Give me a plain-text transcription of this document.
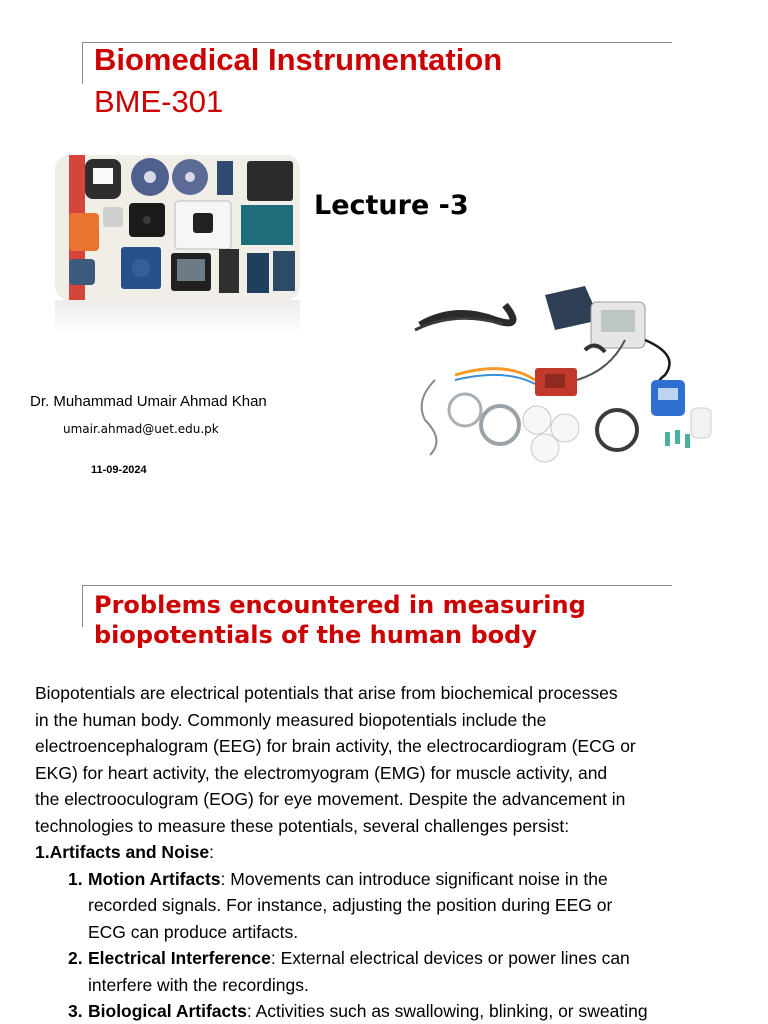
Biomedical Instrumentation
BME-301
Lecture -3
Dr. Muhammad Umair Ahmad Khan
umair.ahmad@uet.edu.pk
11-09-2024
Problems encountered in measuring
biopotentials of the human body
Biopotentials are electrical potentials that arise from biochemical processes
in the human body. Commonly measured biopotentials include the
electroencephalogram (EEG) for brain activity, the electrocardiogram (ECG or
EKG) for heart activity, the electromyogram (EMG) for muscle activity, and
the electrooculogram (EOG) for eye movement. Despite the advancement in
technologies to measure these potentials, several challenges persist:
1.Artifacts and Noise:
1. Motion Artifacts: Movements can introduce significant noise in the
recorded signals. For instance, adjusting the position during EEG or
ECG can produce artifacts.
2. Electrical Interference: External electrical devices or power lines can
interfere with the recordings.
3. Biological Artifacts: Activities such as swallowing, blinking, or sweating
